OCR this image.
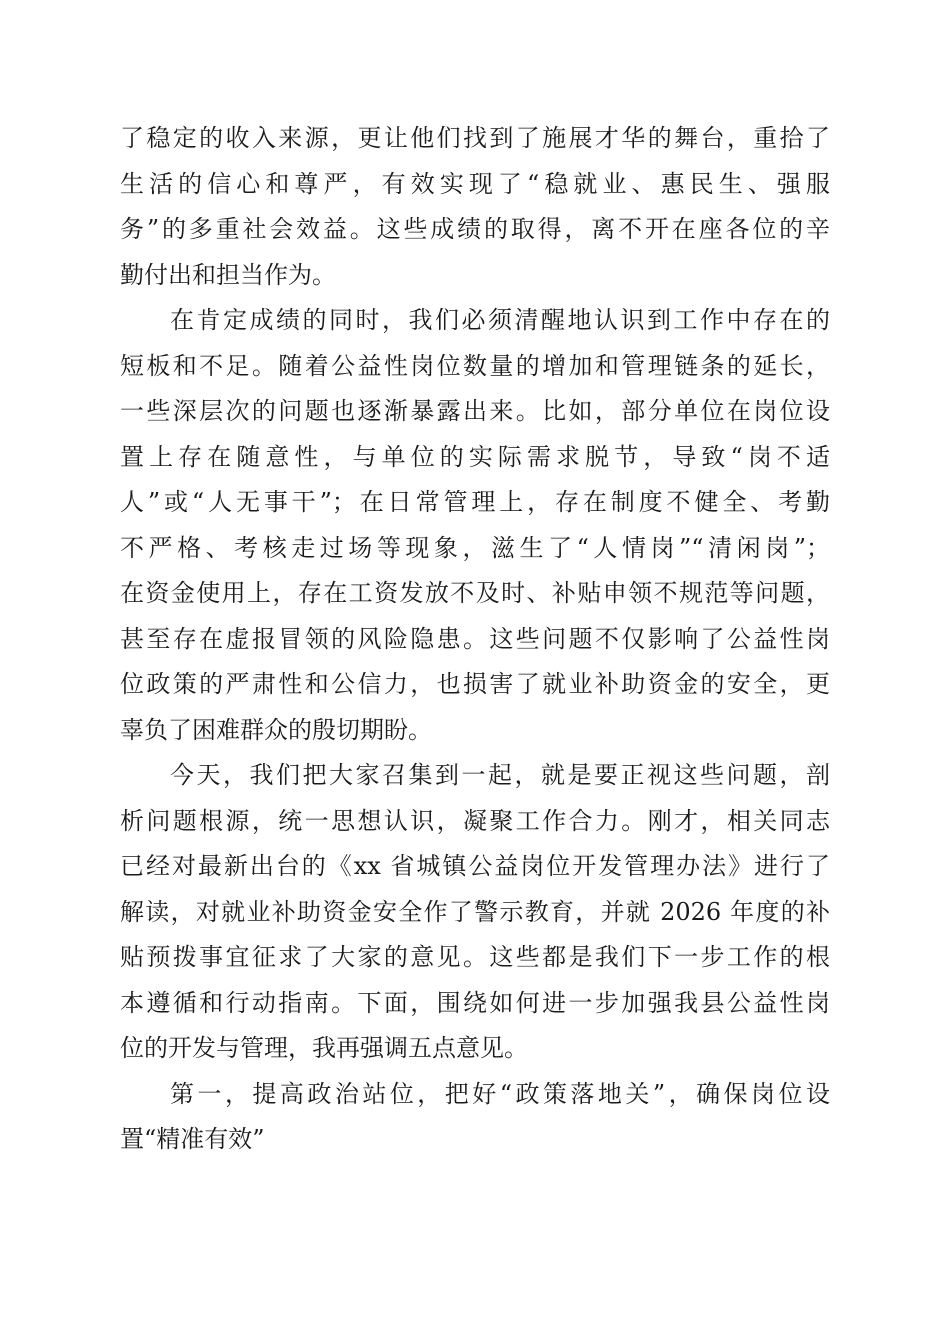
了稳定的收入来源，更让他们找到了施展才华的舞台，重拾了
生活的信心和尊严，有效实现了“稳就业、惠民生、强服
务”的多重社会效益。这些成绩的取得，离不开在座各位的辛
勤付出和担当作为。
在肯定成绩的同时，我们必须清醒地认识到工作中存在的
短板和不足。随着公益性岗位数量的增加和管理链条的延长，
一些深层次的问题也逐渐暴露出来。比如，部分单位在岗位设
置上存在随意性，与单位的实际需求脱节，导致“岗不适
人”或“人无事干”；在日常管理上，存在制度不健全、考勤
不严格、考核走过场等现象，滋生了“人情岗”“清闲岗”；
在资金使用上，存在工资发放不及时、补贴申领不规范等问题，
甚至存在虚报冒领的风险隐患。这些问题不仅影响了公益性岗
位政策的严肃性和公信力，也损害了就业补助资金的安全，更
辜负了困难群众的殷切期盼。
今天，我们把大家召集到一起，就是要正视这些问题，剖
析问题根源，统一思想认识，凝聚工作合力。刚才，相关同志
已经对最新出台的《xx 省城镇公益岗位开发管理办法》进行了
解读，对就业补助资金安全作了警示教育，并就 2026 年度的补
贴预拨事宜征求了大家的意见。这些都是我们下一步工作的根
本遵循和行动指南。下面，围绕如何进一步加强我县公益性岗
位的开发与管理，我再强调五点意见。
第一，提高政治站位，把好“政策落地关”，确保岗位设
置“精准有效”
